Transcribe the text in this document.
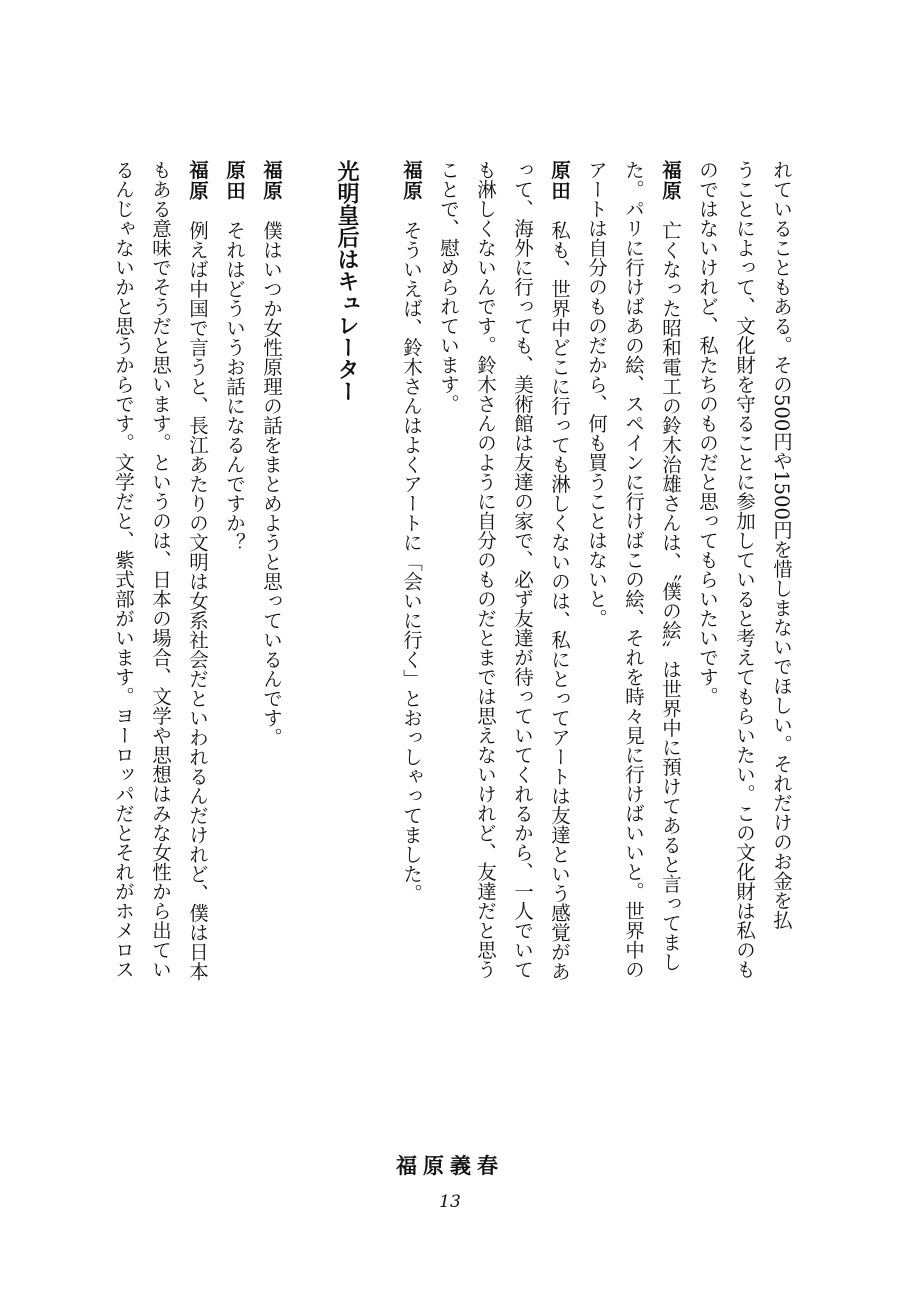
れていることもある。その500円や1500円を惜しまないでほしい。それだけのお金を払
うことによって、文化財を守ることに参加していると考えてもらいたい。この文化財は私のも
のではないけれど、私たちのものだと思ってもらいたいです。
福原　亡くなった昭和電工の鈴木治雄さんは、〝僕の絵〟は世界中に預けてあると言ってまし
た。パリに行けばあの絵、スペインに行けばこの絵、それを時々見に行けばいいと。世界中の
アートは自分のものだから、何も買うことはないと。
原田　私も、世界中どこに行っても淋しくないのは、私にとってアートは友達という感覚があ
って、海外に行っても、美術館は友達の家で、必ず友達が待っていてくれるから、一人でいて
も淋しくないんです。鈴木さんのように自分のものだとまでは思えないけれど、友達だと思う
ことで、慰められています。
福原　そういえば、鈴木さんはよくアートに「会いに行く」とおっしゃってました。
光明皇后はキュレーター
福原　僕はいつか女性原理の話をまとめようと思っているんです。
原田　それはどういうお話になるんですか？
福原　例えば中国で言うと、長江あたりの文明は女系社会だといわれるんだけれど、僕は日本
もある意味でそうだと思います。というのは、日本の場合、文学や思想はみな女性から出てい
るんじゃないかと思うからです。文学だと、紫式部がいます。ヨーロッパだとそれがホメロス
福原義春
13
